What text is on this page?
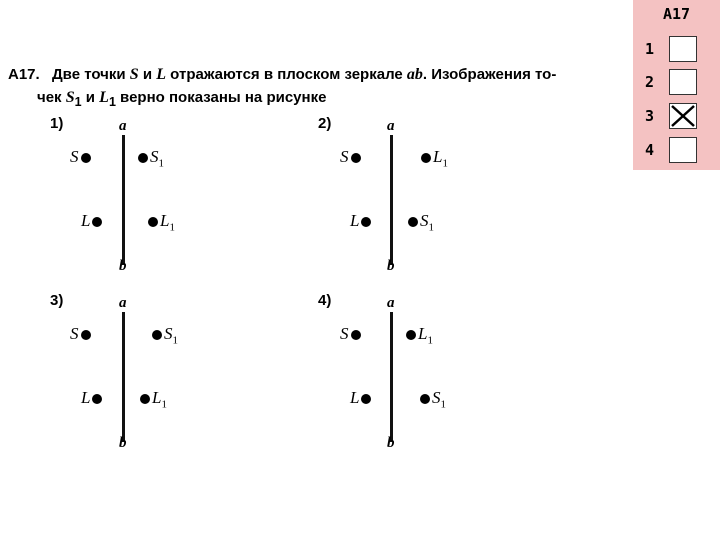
A17
1
2
3
4
A17. Две точки S и L отражаются в плоском зеркале ab. Изображения то-
чек $S_1$ и $L_1$ верно показаны на рисунке
1)	a
b
S
L
$S_1$
$L_1$
2)	a
b
S
L
$L_1$
$S_1$
3)	a
b
S
L
$S_1$
$L_1$
4)	a
b
S
L
$L_1$
$S_1$
